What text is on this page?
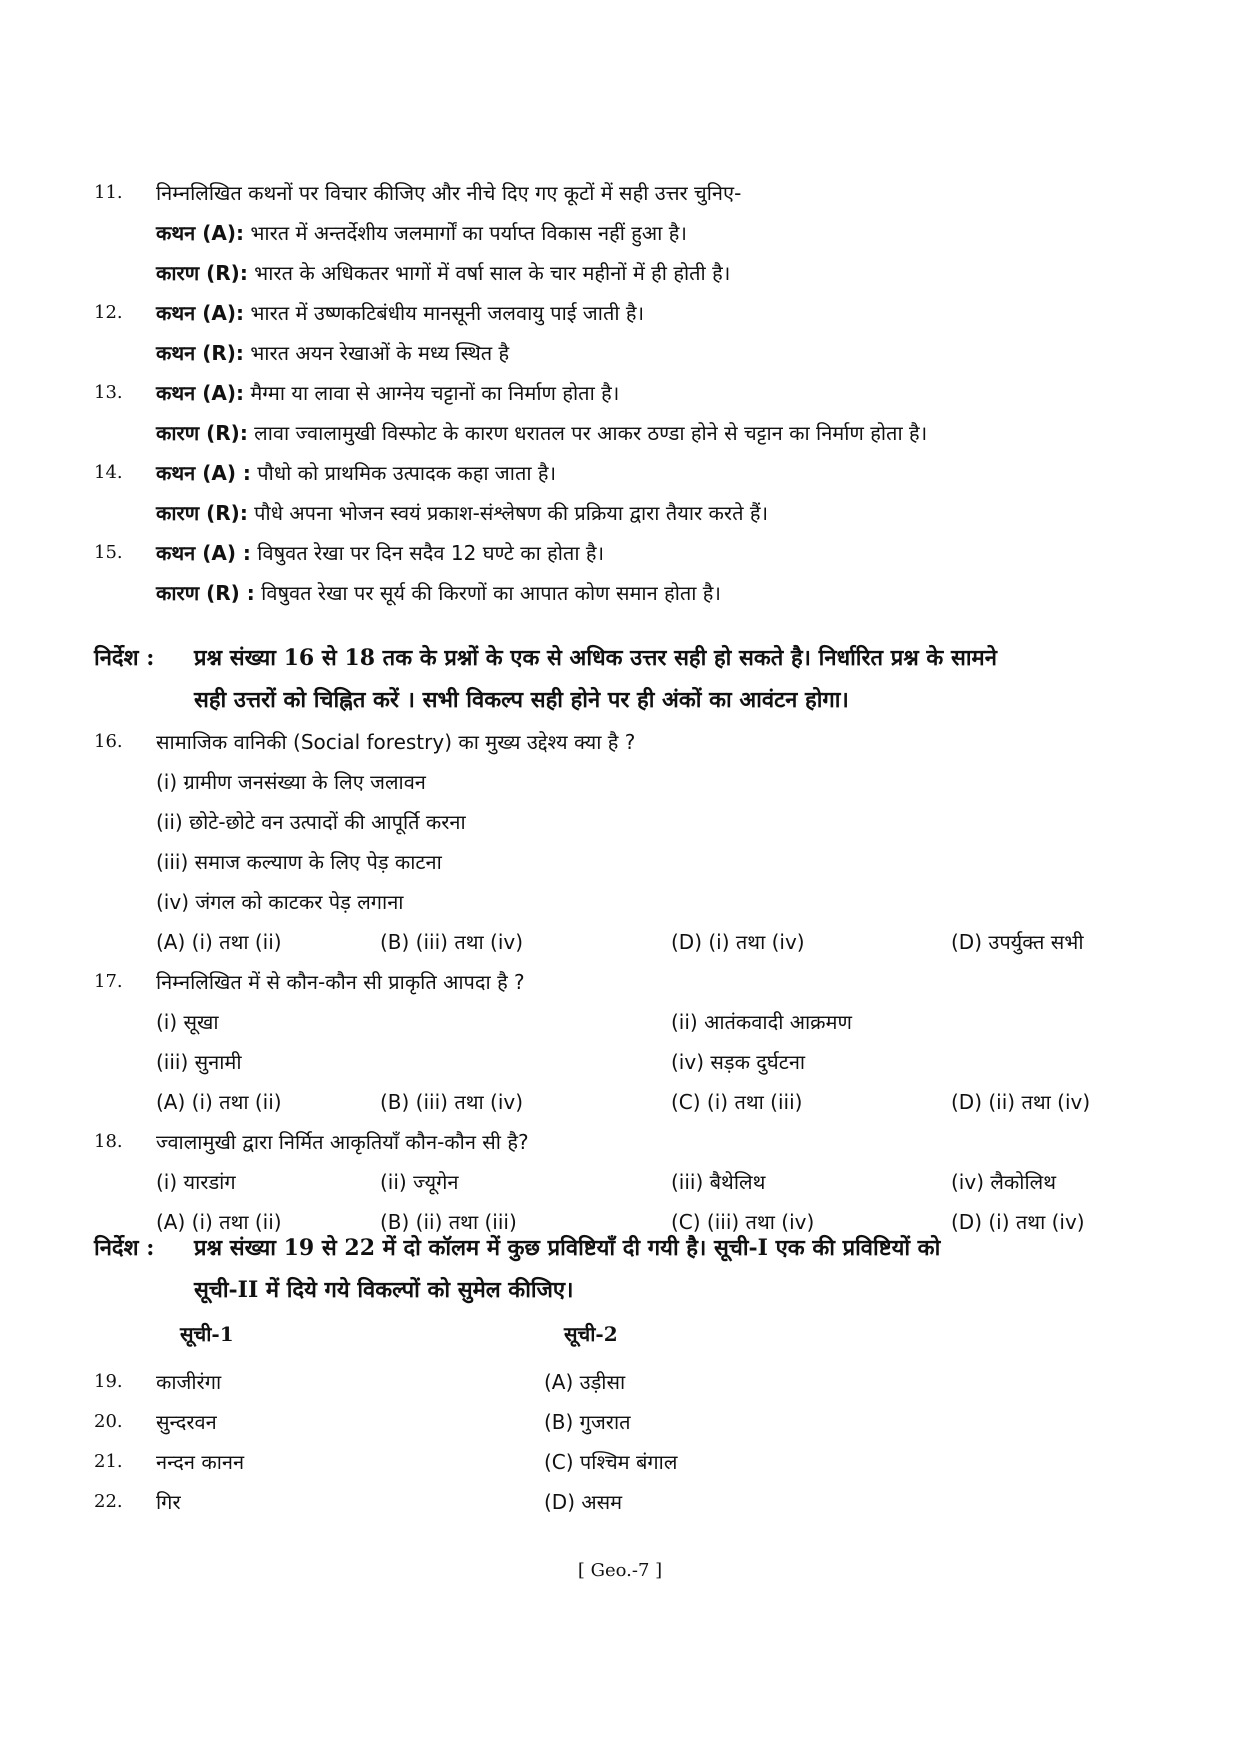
11.	निम्नलिखित कथनों पर विचार कीजिए और नीचे दिए गए कूटों में सही उत्तर चुनिए-
कथन (A): भारत में अन्तर्देशीय जलमार्गों का पर्याप्त विकास नहीं हुआ है।
कारण (R): भारत के अधिकतर भागों में वर्षा साल के चार महीनों में ही होती है।
12.	कथन (A): भारत में उष्णकटिबंधीय मानसूनी जलवायु पाई जाती है।
कथन (R): भारत अयन रेखाओं के मध्य स्थित है
13.	कथन (A): मैग्मा या लावा से आग्नेय चट्टानों का निर्माण होता है।
कारण (R): लावा ज्वालामुखी विस्फोट के कारण धरातल पर आकर ठण्डा होने से चट्टान का निर्माण होता है।
14.	कथन (A) : पौधो को प्राथमिक उत्पादक कहा जाता है।
कारण (R): पौधे अपना भोजन स्वयं प्रकाश-संश्लेषण की प्रक्रिया द्वारा तैयार करते हैं।
15.	कथन (A) : विषुवत रेखा पर दिन सदैव 12 घण्टे का होता है।
कारण (R) : विषुवत रेखा पर सूर्य की किरणों का आपात कोण समान होता है।
निर्देश : प्रश्न संख्या 16 से 18 तक के प्रश्नों के एक से अधिक उत्तर सही हो सकते है। निर्धारित प्रश्न के सामने
सही उत्तरों को चिह्नित करें । सभी विकल्प सही होने पर ही अंकों का आवंटन होगा।
16.	सामाजिक वानिकी (Social forestry) का मुख्य उद्देश्य क्या है ?
(i) ग्रामीण जनसंख्या के लिए जलावन
(ii) छोटे-छोटे वन उत्पादों की आपूर्ति करना
(iii) समाज कल्याण के लिए पेड़ काटना
(iv) जंगल को काटकर पेड़ लगाना
(A) (i) तथा (ii)	(B) (iii) तथा (iv)	(D) (i) तथा (iv)	(D) उपर्युक्त सभी
17.	निम्नलिखित में से कौन-कौन सी प्राकृति आपदा है ?
(i) सूखा	(ii) आतंकवादी आक्रमण
(iii) सुनामी	(iv) सड़क दुर्घटना
(A) (i) तथा (ii)	(B) (iii) तथा (iv)	(C) (i) तथा (iii)	(D) (ii) तथा (iv)
18.	ज्वालामुखी द्वारा निर्मित आकृतियाँ कौन-कौन सी है?
(i) यारडांग	(ii) ज्यूगेन	(iii) बैथेलिथ	(iv) लैकोलिथ
(A) (i) तथा (ii)	(B) (ii) तथा (iii)	(C) (iii) तथा (iv)	(D) (i) तथा (iv)
निर्देश : प्रश्न संख्या 19 से 22 में दो कॉलम में कुछ प्रविष्टियाँ दी गयी है। सूची-I एक की प्रविष्टियों को
सूची-II में दिये गये विकल्पों को सुमेल कीजिए।
सूची-1	सूची-2
19.	काजीरंगा	(A) उड़ीसा
20.	सुन्दरवन	(B) गुजरात
21.	नन्दन कानन	(C) पश्चिम बंगाल
22.	गिर	(D) असम
[ Geo.-7 ]
